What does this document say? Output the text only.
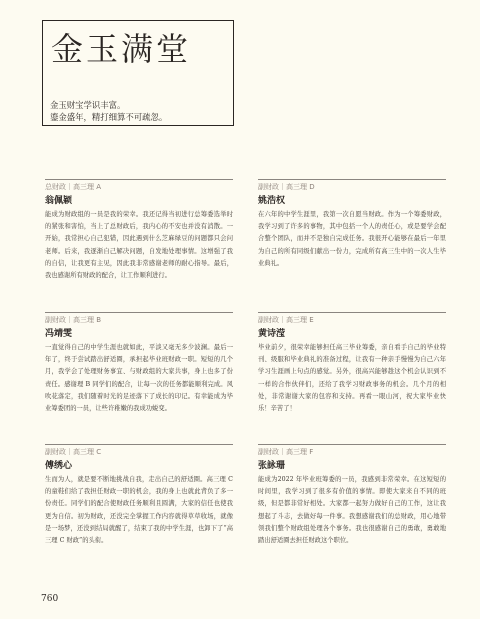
金玉满堂

金玉财宝学识丰富。
鎏金盛年，精打细算不可疏忽。

总财政｜高三理 A
翁佩颖
能成为财政组的一员是我的荣幸。我还记得当初进行总筹委选举时的紧张和害怕，当上了总财政后，我内心的不安也并没有消散。一开始，我常担心自己犯错，因此遇到什么芝麻绿豆的问题都只会问老师。后来，我逐渐自己解决问题，自发地处理事情。这增强了我的自信，让我更有主见，因此我非常感谢老师的耐心指导。最后，我也感谢所有财政的配合，让工作顺利进行。
副财政｜高三理 D
姚浩权
在六年的中学生涯里，我第一次自愿当财政。作为一个筹委财政，我学习到了许多的事物，其中包括一个人的责任心，或是要学会配合整个团队，而并不是独自完成任务。我很开心能够在最后一年里为自己的所有同级们献出一份力，完成所有高三生中的一次人生毕业典礼。
副财政｜高三理 B
冯靖雯
一直觉得自己的中学生涯也就如此，平淡又毫无多少波澜。最后一年了，终于尝试踏出舒适圈，承担起毕业班财政一职。短短的几个月，我学会了处理财务事宜、与财政组的大家共事，身上也多了份责任。感谢理 B 同学们的配合，让每一次的任务都能顺利完成。风吹花落定，我们随着时光的足迹落下了成长的印记。有幸能成为毕业筹委团的一员，让些许稚嫩的我成功蜕变。
副财政｜高三理 E
黄诗滢
毕业前夕，很荣幸能够担任高三毕业筹委，亲自看手自己的毕业特刊、级服和毕业典礼的准备过程，让我有一种亲手慢慢为自己六年学习生涯画上句点的感觉。另外，很高兴能够趁这个机会认识到不一样的合作伙伴们，还给了我学习财政事务的机会。几个月的相处，非常谢谢大家的包容和支持。再看一眼山河，祝大家毕业快乐！辛苦了！
副财政｜高三理 C
傅绣心
生而为人，就是要不断地挑战自我，走出自己的舒适圈。高三理 C 的童鞋们给了我担任财政一职的机会，我的身上也就此背负了多一份责任。同学们的配合使财政任务顺利且圆满，大家的信任也使我更为自信。初为财政，还没完全掌握工作内容就得草草收场，就像是一场梦，还没到结局就醒了，结束了我的中学生涯，也卸下了“高三理 C 财政”的头衔。
副财政｜高三理 F
张詠珊
能成为2022 年毕业班筹委的一员，我感到非常荣幸。在这短短的时间里，我学习到了很多有价值的事情。即使大家来自不同的班级，但是都非常好相处。大家都一起努力做好自己的工作，这让我想起了斗志，去做好每一件事。我想感谢我们的总财政，用心地带领我们整个财政组处理各个事务。我也很感谢自己的勇敢，勇敢地踏出舒适圈去担任财政这个职位。
760
